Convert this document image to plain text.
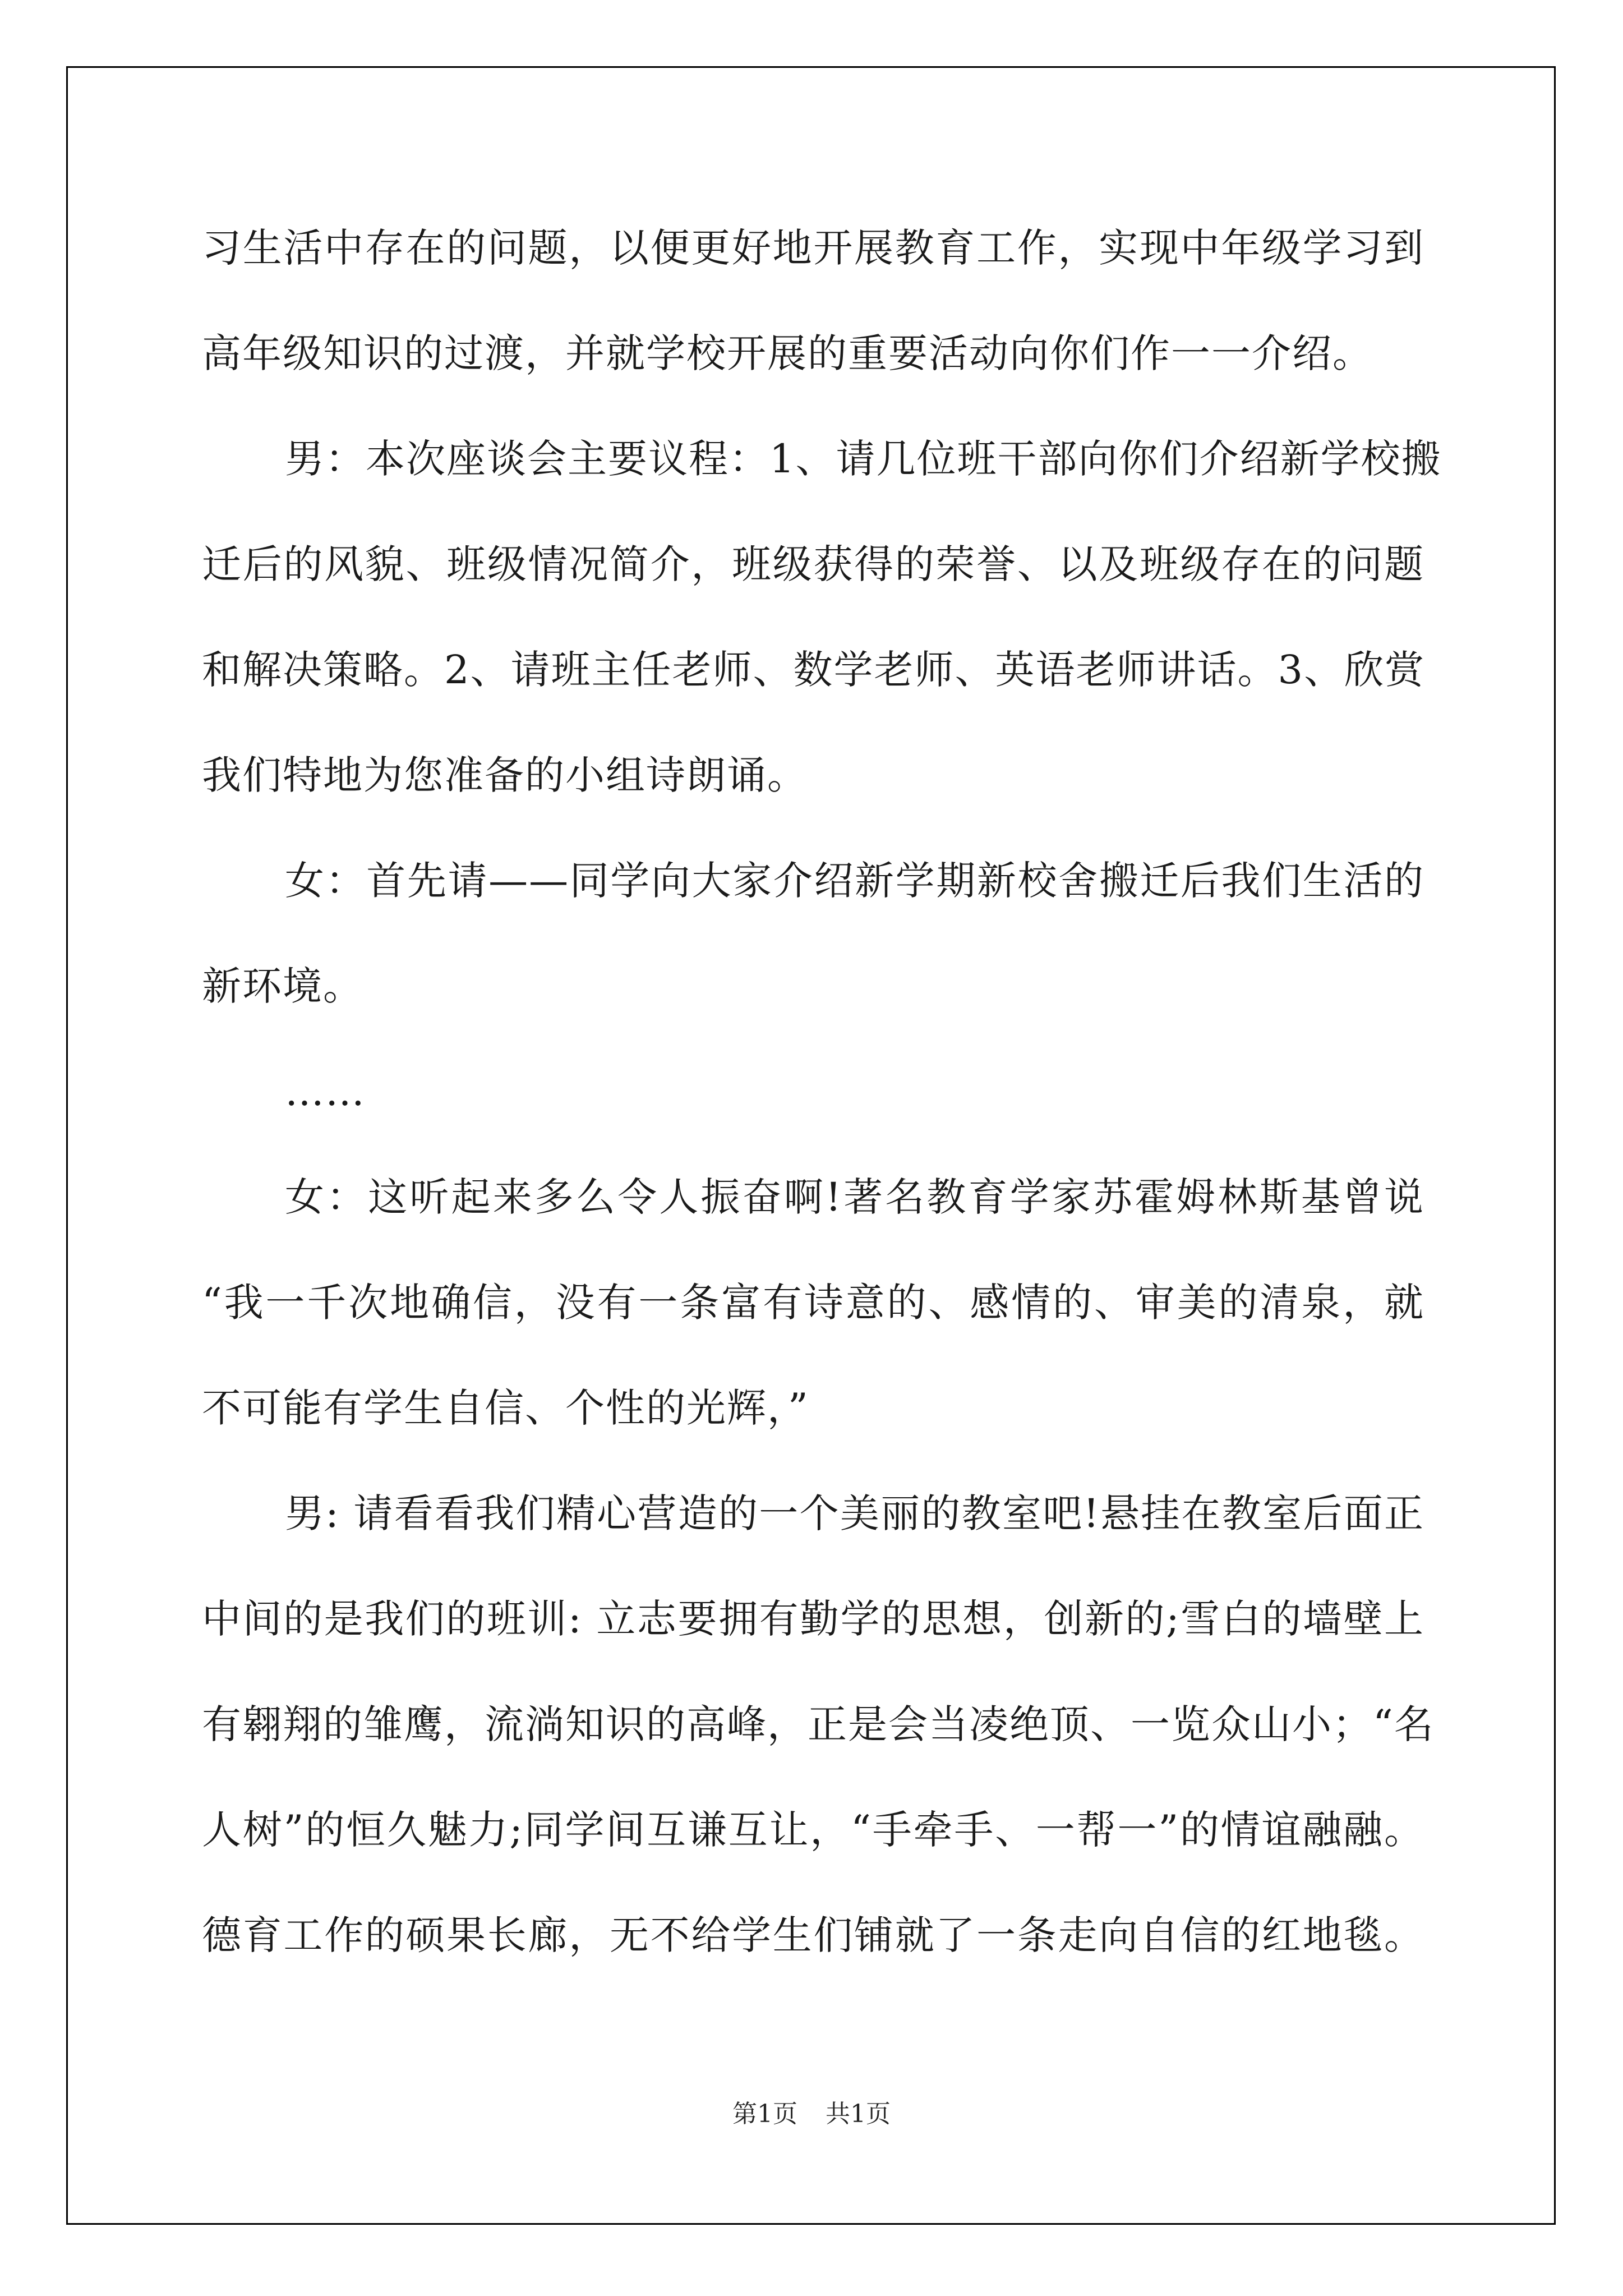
习生活中存在的问题，以便更好地开展教育工作，实现中年级学习到
高年级知识的过渡，并就学校开展的重要活动向你们作一一介绍。
男：本次座谈会主要议程：1、请几位班干部向你们介绍新学校搬
迁后的风貌、班级情况简介，班级获得的荣誉、以及班级存在的问题
和解决策略。2、请班主任老师、数学老师、英语老师讲话。3、欣赏
我们特地为您准备的小组诗朗诵。
女：首先请——同学向大家介绍新学期新校舍搬迁后我们生活的
新环境。
……
女：这听起来多么令人振奋啊!著名教育学家苏霍姆林斯基曾说
“我一千次地确信，没有一条富有诗意的、感情的、审美的清泉，就
不可能有学生自信、个性的光辉，”
男: 请看看我们精心营造的一个美丽的教室吧!悬挂在教室后面正
中间的是我们的班训: 立志要拥有勤学的思想，创新的;雪白的墙壁上
有翱翔的雏鹰，流淌知识的高峰，正是会当凌绝顶、一览众山小；“名
人树”的恒久魅力;同学间互谦互让，“手牵手、一帮一”的情谊融融。
德育工作的硕果长廊，无不给学生们铺就了一条走向自信的红地毯。
第1页 共1页
